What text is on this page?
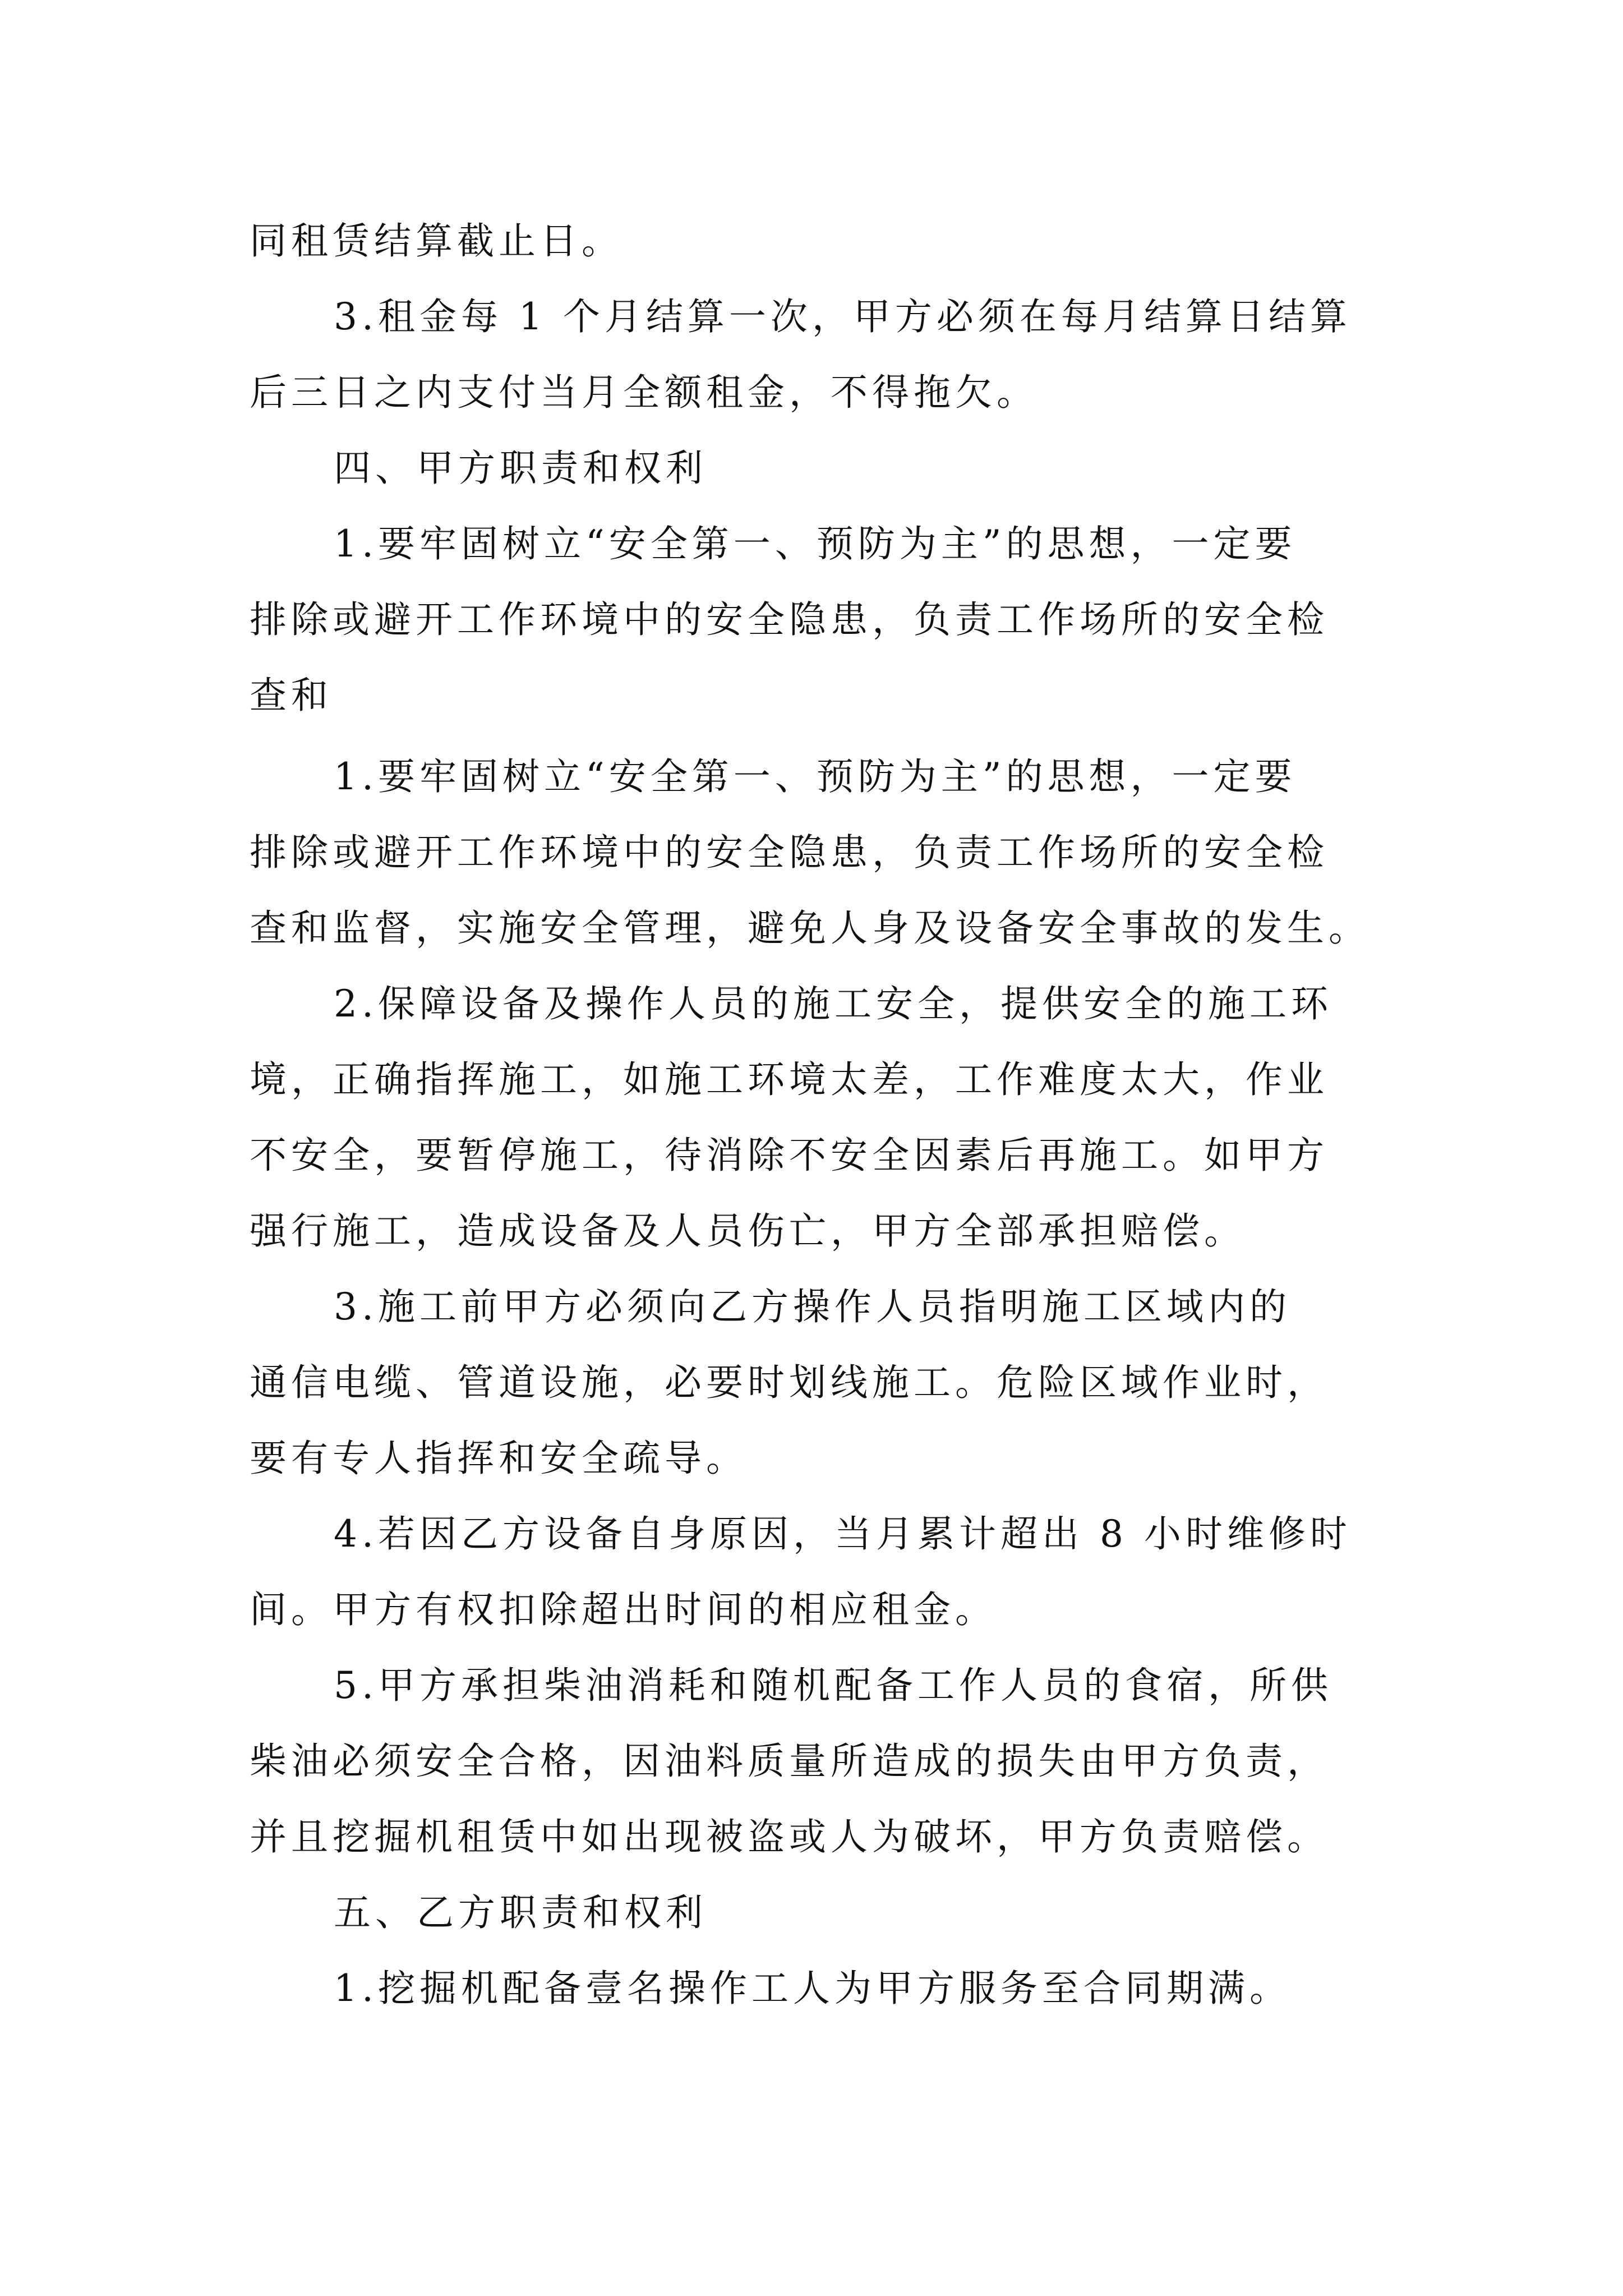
同租赁结算截止日。
3.租金每 1 个月结算一次，甲方必须在每月结算日结算
后三日之内支付当月全额租金，不得拖欠。
四、甲方职责和权利
1.要牢固树立“安全第一、预防为主”的思想，一定要
排除或避开工作环境中的安全隐患，负责工作场所的安全检
查和
1.要牢固树立“安全第一、预防为主”的思想，一定要
排除或避开工作环境中的安全隐患，负责工作场所的安全检
查和监督，实施安全管理，避免人身及设备安全事故的发生。
2.保障设备及操作人员的施工安全，提供安全的施工环
境，正确指挥施工，如施工环境太差，工作难度太大，作业
不安全，要暂停施工，待消除不安全因素后再施工。如甲方
强行施工，造成设备及人员伤亡，甲方全部承担赔偿。
3.施工前甲方必须向乙方操作人员指明施工区域内的
通信电缆、管道设施，必要时划线施工。危险区域作业时，
要有专人指挥和安全疏导。
4.若因乙方设备自身原因，当月累计超出 8 小时维修时
间。甲方有权扣除超出时间的相应租金。
5.甲方承担柴油消耗和随机配备工作人员的食宿，所供
柴油必须安全合格，因油料质量所造成的损失由甲方负责，
并且挖掘机租赁中如出现被盗或人为破坏，甲方负责赔偿。
五、乙方职责和权利
1.挖掘机配备壹名操作工人为甲方服务至合同期满。
